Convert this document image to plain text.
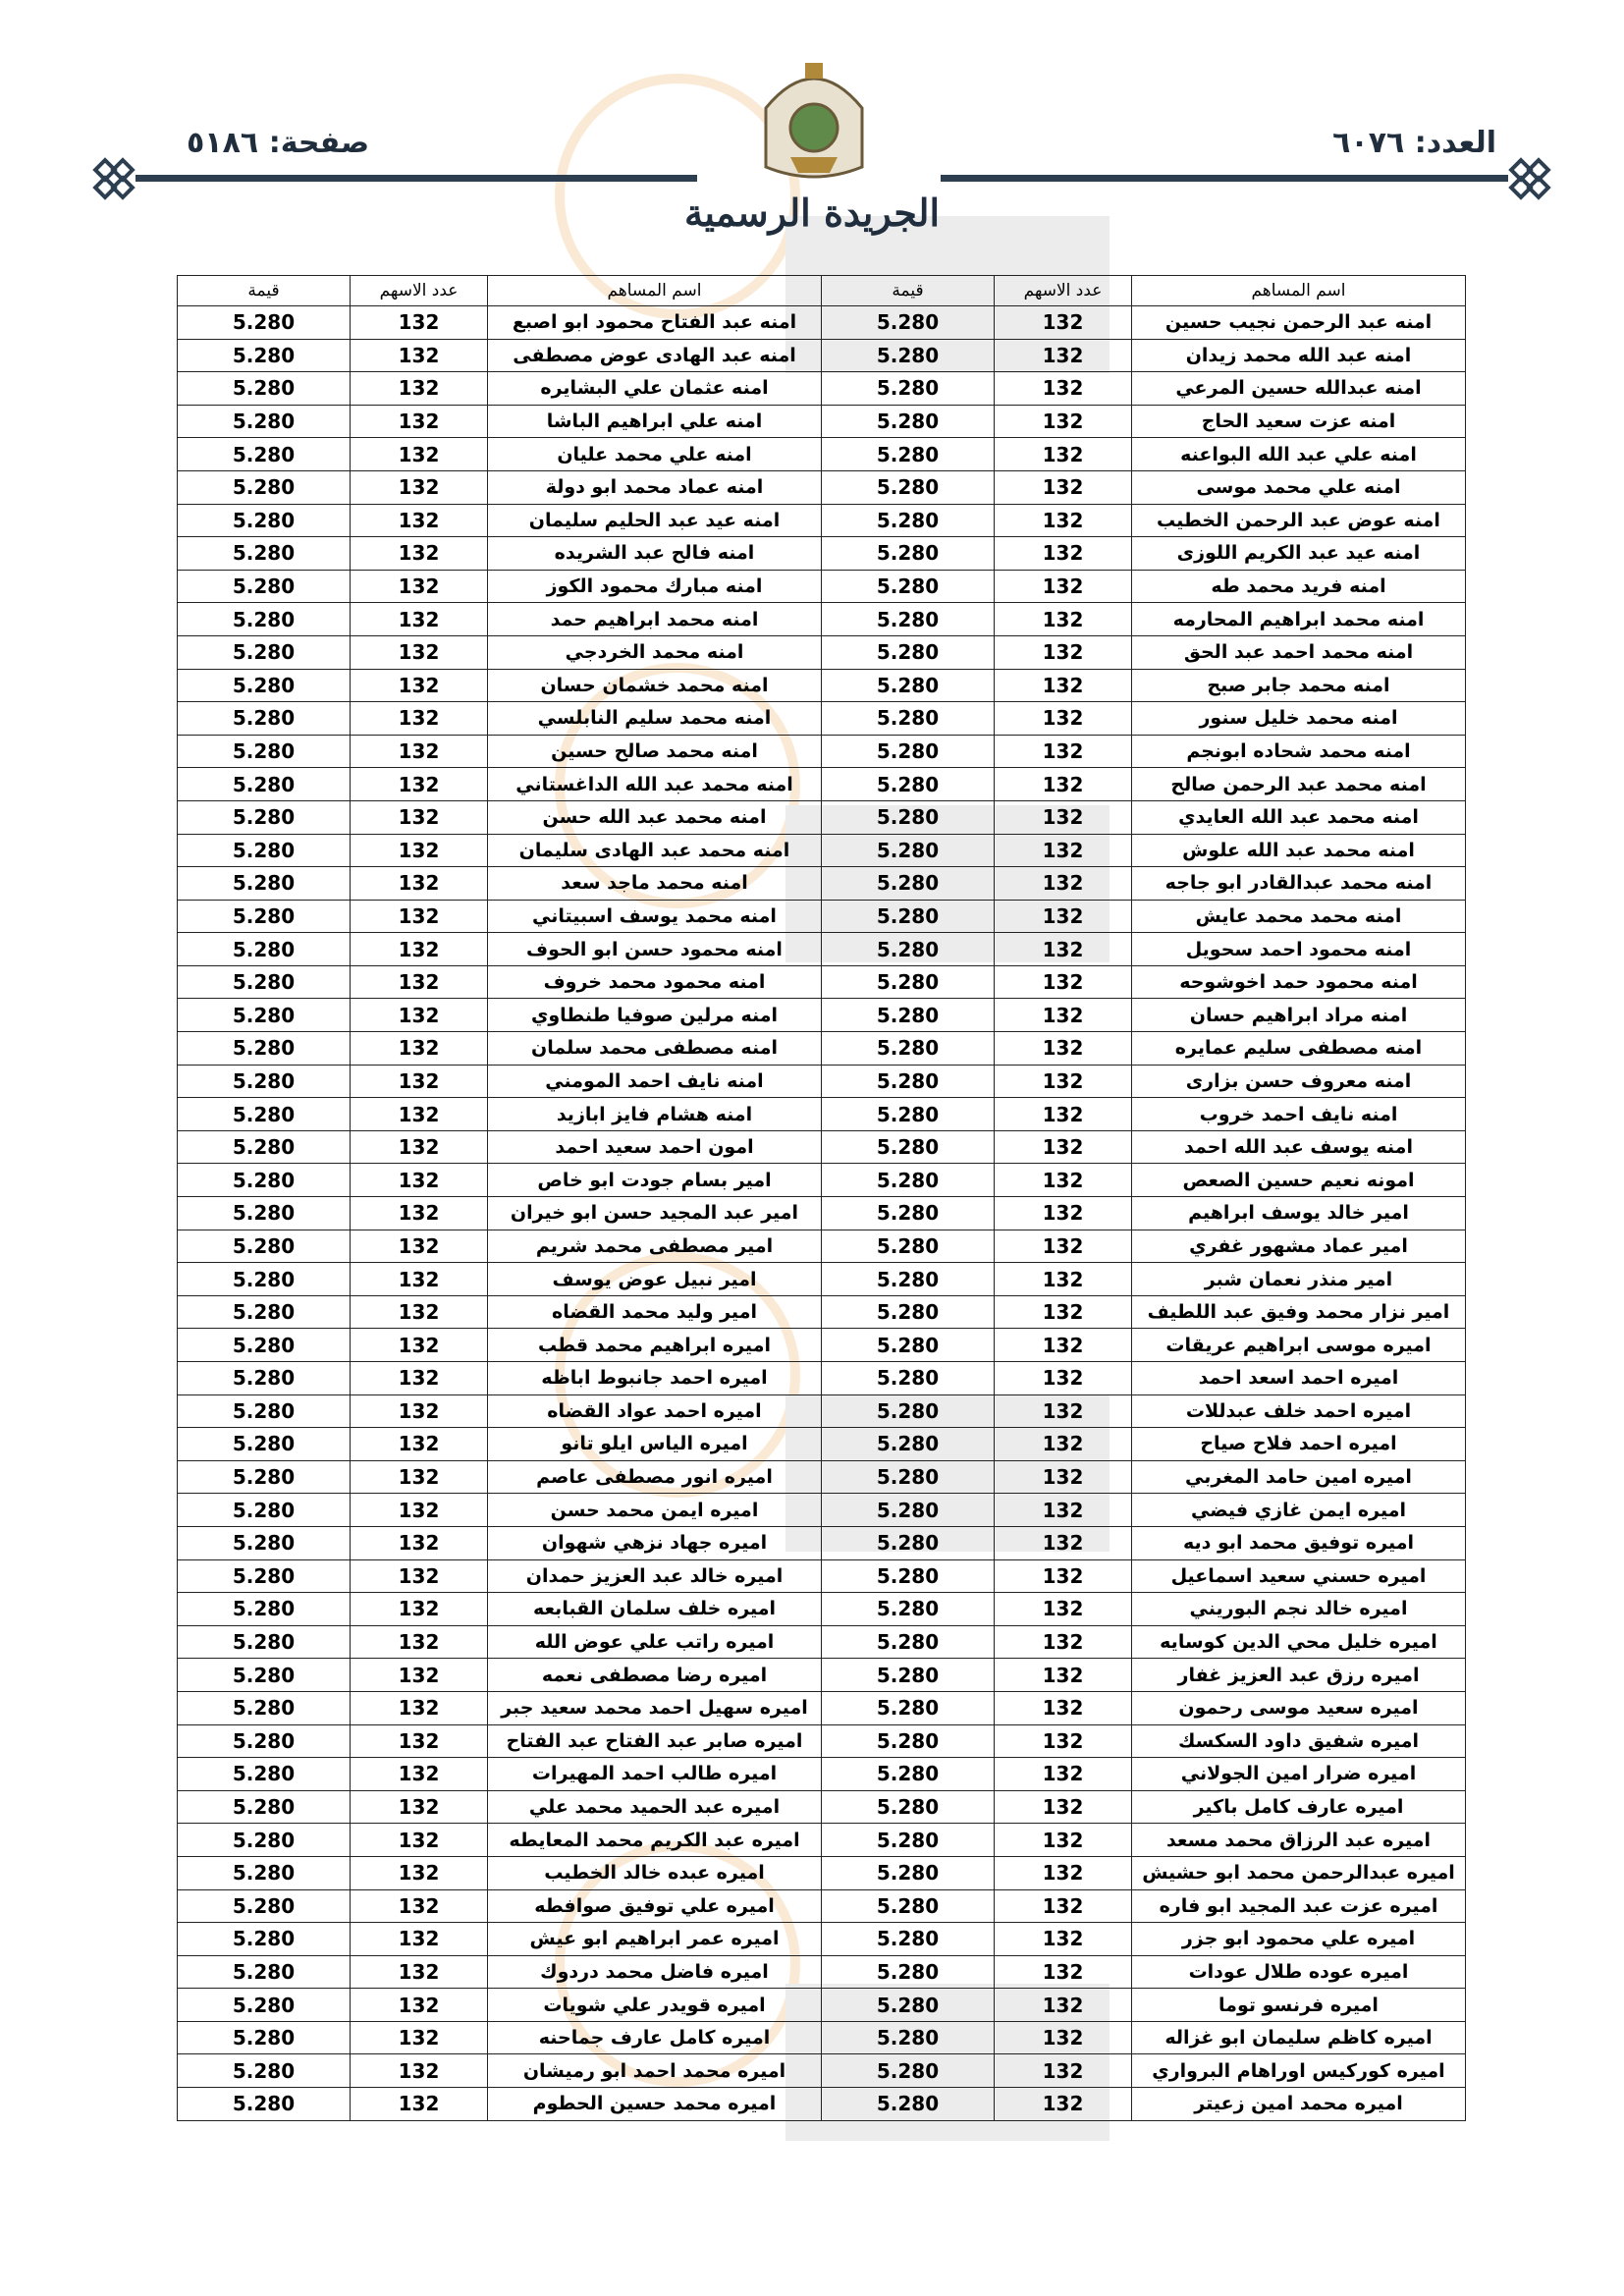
العدد: ٦٠٧٦
صفحة: ٥١٨٦
الجريدة الرسمية
اسم المساهم	عدد الاسهم	قيمة	اسم المساهم	عدد الاسهم	قيمة
امنه عبد الرحمن نجيب حسين	132	5.280	امنه عبد الفتاح محمود ابو اصبع	132	5.280
امنه عبد الله محمد زيدان	132	5.280	امنه عبد الهادى عوض مصطفى	132	5.280
امنه عبدالله حسين المرعي	132	5.280	امنه عثمان علي البشايره	132	5.280
امنه عزت سعيد الحاج	132	5.280	امنه علي ابراهيم الباشا	132	5.280
امنه علي عبد الله البواعنه	132	5.280	امنه علي محمد عليان	132	5.280
امنه علي محمد موسى	132	5.280	امنه عماد محمد ابو دولة	132	5.280
امنه عوض عبد الرحمن الخطيب	132	5.280	امنه عيد عبد الحليم سليمان	132	5.280
امنه عيد عبد الكريم اللوزى	132	5.280	امنه فالح عبد الشريده	132	5.280
امنه فريد محمد طه	132	5.280	امنه مبارك محمود الكوز	132	5.280
امنه محمد ابراهيم المحارمه	132	5.280	امنه محمد ابراهيم حمد	132	5.280
امنه محمد احمد عبد الحق	132	5.280	امنه محمد الخردجي	132	5.280
امنه محمد جابر صبح	132	5.280	امنه محمد خشمان حسان	132	5.280
امنه محمد خليل سنور	132	5.280	امنه محمد سليم النابلسي	132	5.280
امنه محمد شحاده ابونجم	132	5.280	امنه محمد صالح حسين	132	5.280
امنه محمد عبد الرحمن صالح	132	5.280	امنه محمد عبد الله الداغستاني	132	5.280
امنه محمد عبد الله العايدي	132	5.280	امنه محمد عبد الله حسن	132	5.280
امنه محمد عبد الله علوش	132	5.280	امنه محمد عبد الهادى سليمان	132	5.280
امنه محمد عبدالقادر ابو جاجه	132	5.280	امنه محمد ماجد سعد	132	5.280
امنه محمد محمد عايش	132	5.280	امنه محمد يوسف اسبيتاني	132	5.280
امنه محمود احمد سحويل	132	5.280	امنه محمود حسن ابو الحوف	132	5.280
امنه محمود حمد اخوشوحه	132	5.280	امنه محمود محمد خروف	132	5.280
امنه مراد ابراهيم حسان	132	5.280	امنه مرلين صوفيا طنطاوي	132	5.280
امنه مصطفى سليم عمايره	132	5.280	امنه مصطفى محمد سلمان	132	5.280
امنه معروف حسن بزارى	132	5.280	امنه نايف احمد المومني	132	5.280
امنه نايف احمد خروب	132	5.280	امنه هشام فايز ابازيد	132	5.280
امنه يوسف عبد الله احمد	132	5.280	امون احمد سعيد احمد	132	5.280
امونه نعيم حسين الصعص	132	5.280	امير بسام جودت ابو خاص	132	5.280
امير خالد يوسف ابراهيم	132	5.280	امير عبد المجيد حسن ابو خيران	132	5.280
امير عماد مشهور غفري	132	5.280	امير مصطفى محمد شريم	132	5.280
امير منذر نعمان شبر	132	5.280	امير نبيل عوض يوسف	132	5.280
امير نزار محمد وفيق عبد اللطيف	132	5.280	امير وليد محمد القضاه	132	5.280
اميره موسى ابراهيم عريقات	132	5.280	اميره ابراهيم محمد قطب	132	5.280
اميره احمد اسعد احمد	132	5.280	اميره احمد جانبوط اباظه	132	5.280
اميره احمد خلف عبدللات	132	5.280	اميره احمد عواد القضاه	132	5.280
اميره احمد فلاح صياح	132	5.280	اميره الياس ايلو تانو	132	5.280
اميره امين حامد المغربي	132	5.280	اميره انور مصطفى عاصم	132	5.280
اميره ايمن غازي فيضي	132	5.280	اميره ايمن محمد حسن	132	5.280
اميره توفيق محمد ابو ديه	132	5.280	اميره جهاد نزهي شهوان	132	5.280
اميره حسني سعيد اسماعيل	132	5.280	اميره خالد عبد العزيز حمدان	132	5.280
اميره خالد نجم البوريني	132	5.280	اميره خلف سلمان القبابعه	132	5.280
اميره خليل محي الدين كوسايه	132	5.280	اميره راتب علي عوض الله	132	5.280
اميره رزق عبد العزيز غفار	132	5.280	اميره رضا مصطفى نعمه	132	5.280
اميره سعيد موسى رحمون	132	5.280	اميره سهيل احمد محمد سعيد جبر	132	5.280
اميره شفيق داود السكسك	132	5.280	اميره صابر عبد الفتاح عبد الفتاح	132	5.280
اميره ضرار امين الجولاني	132	5.280	اميره طالب احمد المهيرات	132	5.280
اميره عارف كامل باكير	132	5.280	اميره عبد الحميد محمد علي	132	5.280
اميره عبد الرزاق محمد مسعد	132	5.280	اميره عبد الكريم محمد المعايطه	132	5.280
اميره عبدالرحمن محمد ابو حشيش	132	5.280	اميره عبده خالد الخطيب	132	5.280
اميره عزت عبد المجيد ابو فاره	132	5.280	اميره علي توفيق صوافطه	132	5.280
اميره علي محمود ابو جزر	132	5.280	اميره عمر ابراهيم ابو عيش	132	5.280
اميره عوده طلال عودات	132	5.280	اميره فاضل محمد دردوك	132	5.280
اميره فرنسو توما	132	5.280	اميره قويدر علي شويات	132	5.280
اميره كاظم سليمان ابو غزاله	132	5.280	اميره كامل عارف جماحنه	132	5.280
اميره كوركيس اوراهام البرواري	132	5.280	اميره محمد احمد ابو رميشان	132	5.280
اميره محمد امين زعيتر	132	5.280	اميره محمد حسين الحطوم	132	5.280
